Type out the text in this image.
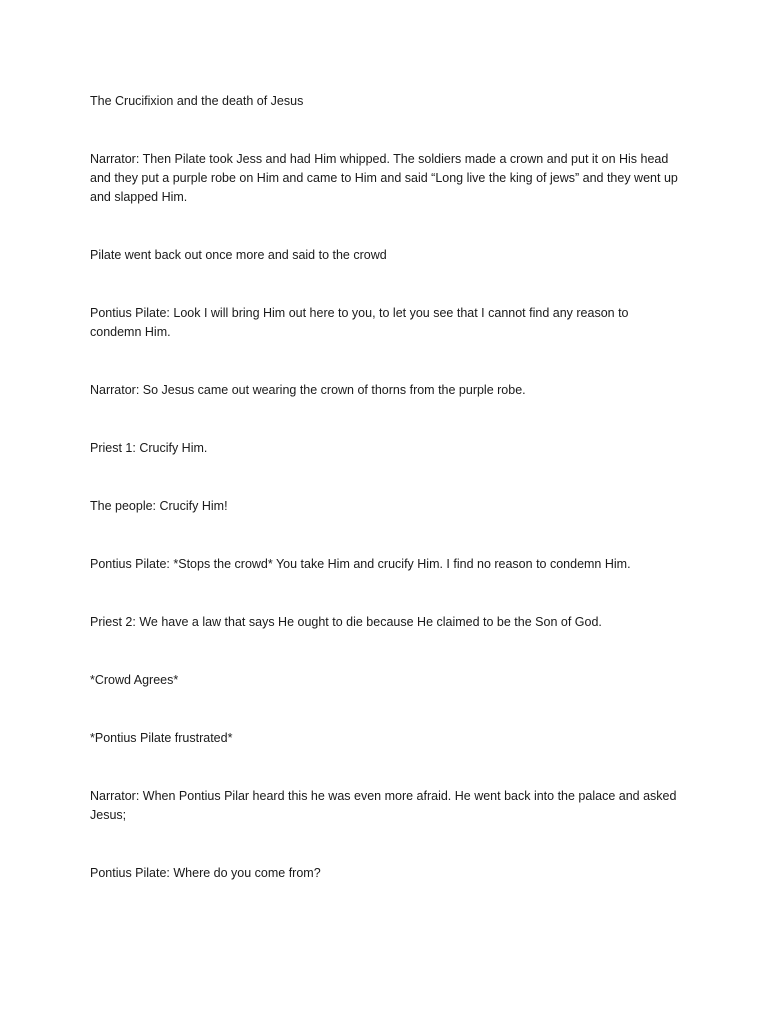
The Crucifixion and the death of Jesus

Narrator: Then Pilate took Jess and had Him whipped. The soldiers made a crown and put it on His head and they put a purple robe on Him and came to Him and said “Long live the king of jews” and they went up and slapped Him.

Pilate went back out once more and said to the crowd

Pontius Pilate: Look I will bring Him out here to you, to let you see that I cannot find any reason to condemn Him.

Narrator: So Jesus came out wearing the crown of thorns from the purple robe.

Priest 1: Crucify Him.

The people: Crucify Him!

Pontius Pilate: *Stops the crowd* You take Him and crucify Him. I find no reason to condemn Him.

Priest 2: We have a law that says He ought to die because He claimed to be the Son of God.

*Crowd Agrees*

*Pontius Pilate frustrated*

Narrator: When Pontius Pilar heard this he was even more afraid. He went back into the palace and asked Jesus;

Pontius Pilate: Where do you come from?
